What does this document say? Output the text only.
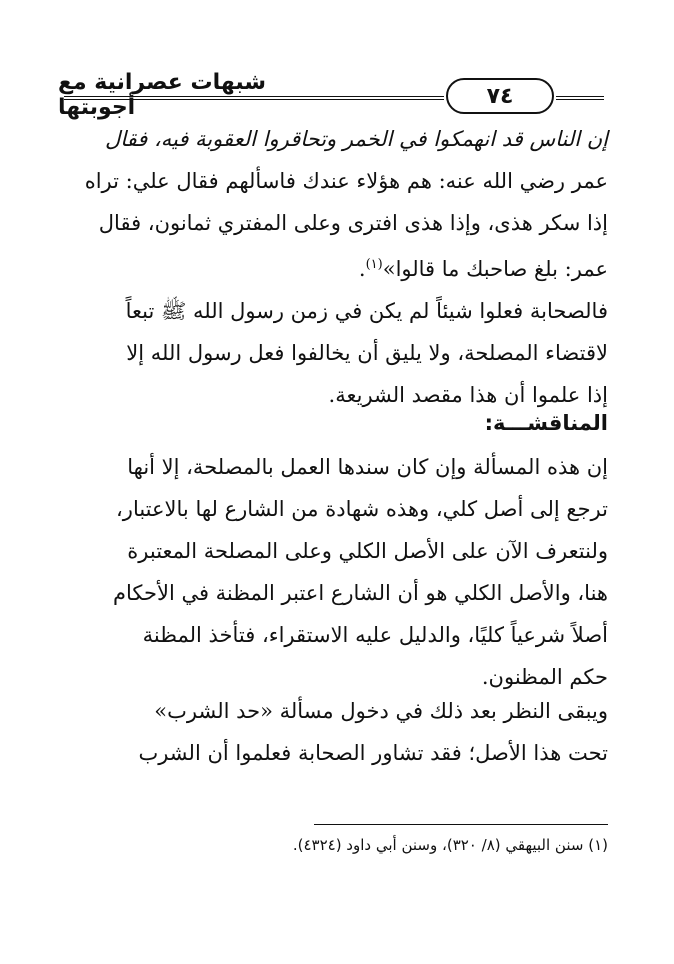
شبهات عصرانية مع أجوبتها	٧٤
إن الناس قد انهمكوا في الخمر وتحاقروا العقوبة فيه، فقال
عمر رضي الله عنه: هم هؤلاء عندك فاسألهم فقال علي: تراه
إذا سكر هذى، وإذا هذى افترى وعلى المفتري ثمانون، فقال
عمر: بلغ صاحبك ما قالوا»$^{(١)}$.
فالصحابة فعلوا شيئاً لم يكن في زمن رسول الله ﷺ تبعاً
لاقتضاء المصلحة، ولا يليق أن يخالفوا فعل رسول الله إلا
إذا علموا أن هذا مقصد الشريعة.
المناقشـــة:
إن هذه المسألة وإن كان سندها العمل بالمصلحة، إلا أنها
ترجع إلى أصل كلي، وهذه شهادة من الشارع لها بالاعتبار،
ولنتعرف الآن على الأصل الكلي وعلى المصلحة المعتبرة
هنا، والأصل الكلي هو أن الشارع اعتبر المظنة في الأحكام
أصلاً شرعياً كليًا، والدليل عليه الاستقراء، فتأخذ المظنة
حكم المظنون.
ويبقى النظر بعد ذلك في دخول مسألة «حد الشرب»
تحت هذا الأصل؛ فقد تشاور الصحابة فعلموا أن الشرب
(١) سنن البيهقي (٨/ ٣٢٠)، وسنن أبي داود (٤٣٢٤).
